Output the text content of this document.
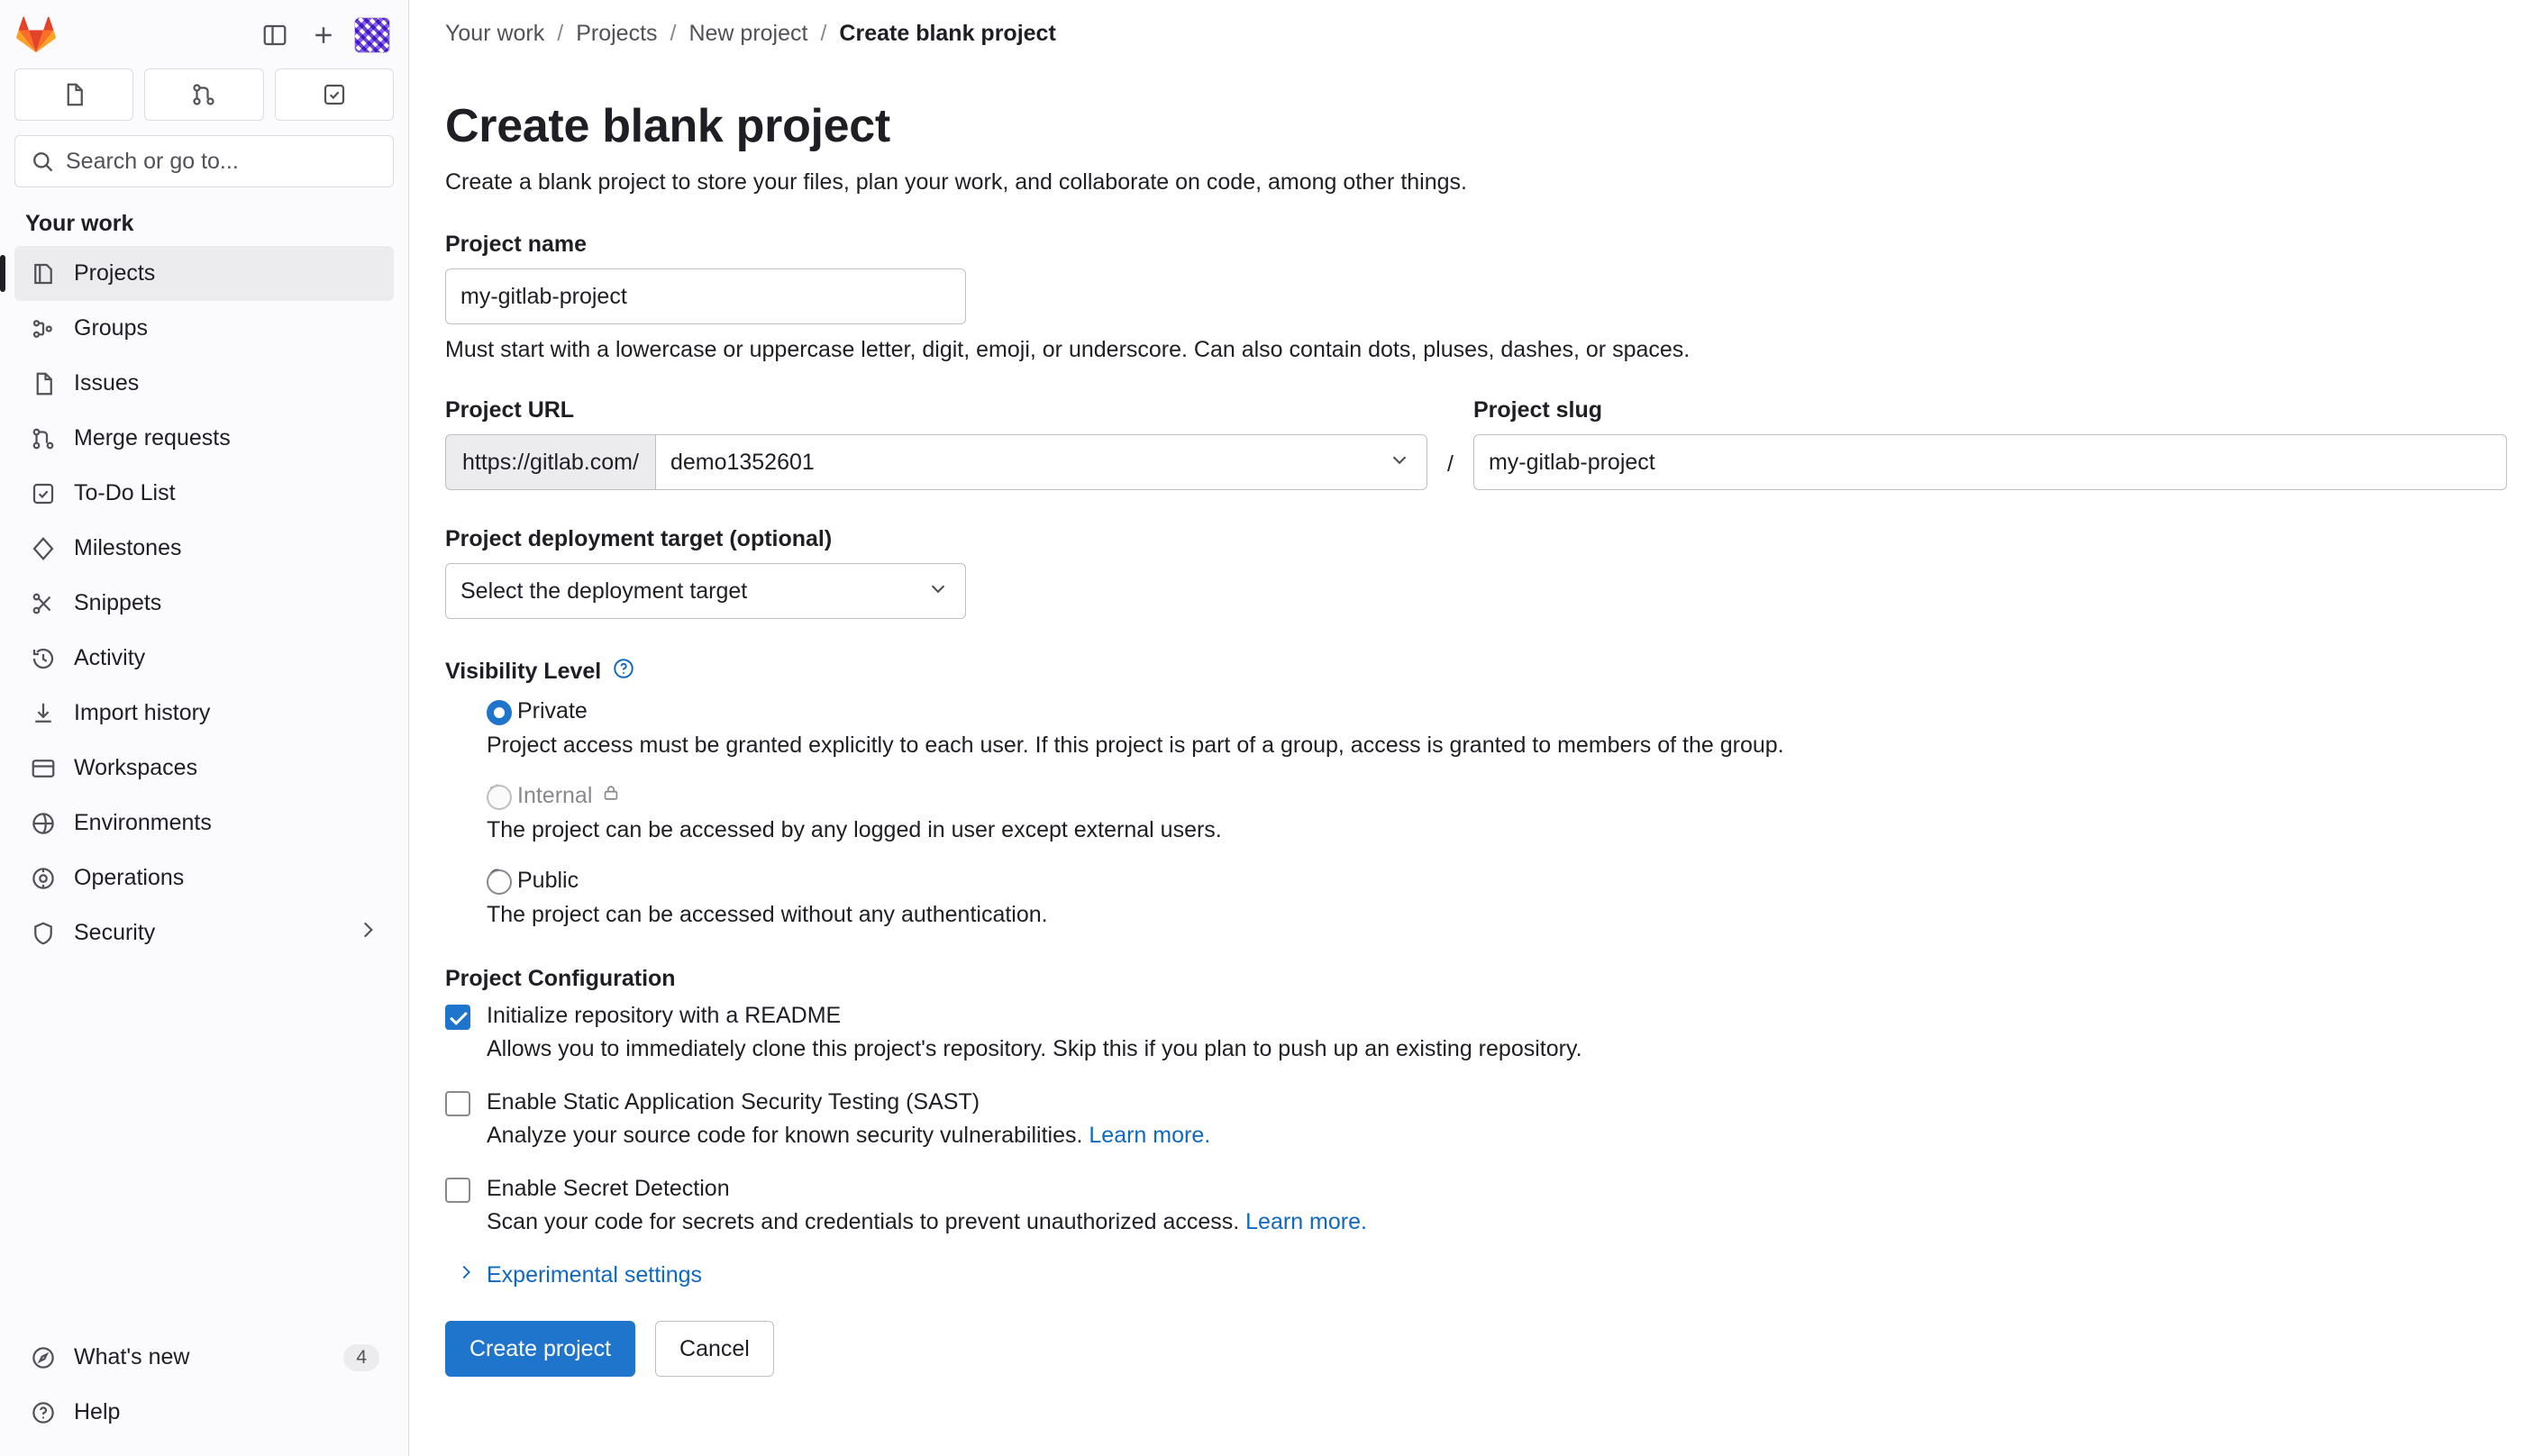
Search or go to...
Your work
Projects
Groups
Issues
Merge requests
To-Do List
Milestones
Snippets
Activity
Import history
Workspaces
Environments
Operations
Security
What's new	4
Help
Your work / Projects / New project / Create blank project
Create blank project
Create a blank project to store your files, plan your work, and collaborate on code, among other things.
Project name
my-gitlab-project
Must start with a lowercase or uppercase letter, digit, emoji, or underscore. Can also contain dots, pluses, dashes, or spaces.
Project URL
https://gitlab.com/
demo1352601	/
Project slug
my-gitlab-project
Project deployment target (optional)
Select the deployment target
Visibility Level
Private
Project access must be granted explicitly to each user. If this project is part of a group, access is granted to members of the group.
Internal
The project can be accessed by any logged in user except external users.
Public
The project can be accessed without any authentication.
Project Configuration
Initialize repository with a README
Allows you to immediately clone this project's repository. Skip this if you plan to push up an existing repository.
Enable Static Application Security Testing (SAST)
Analyze your source code for known security vulnerabilities. Learn more.
Enable Secret Detection
Scan your code for secrets and credentials to prevent unauthorized access. Learn more.
Experimental settings
Create project	Cancel
